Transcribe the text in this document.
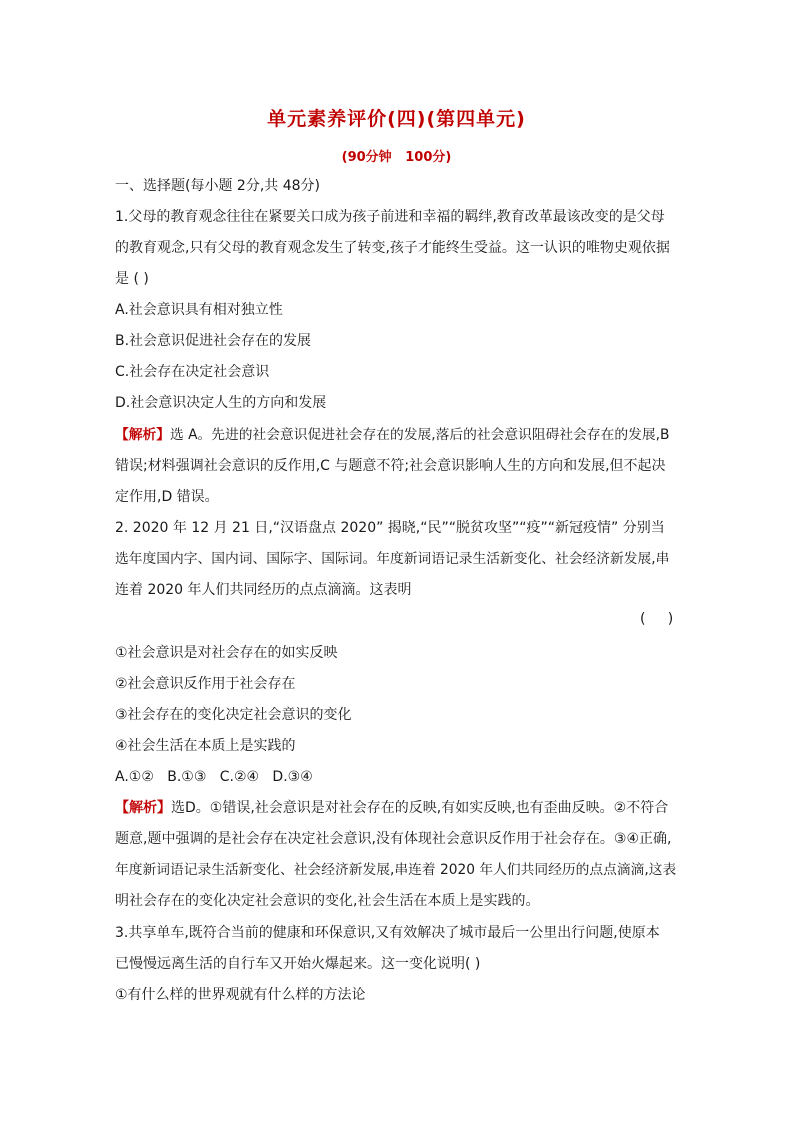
单元素养评价(四)(第四单元)
(90分钟   100分)
一、选择题(每小题 2分,共 48分)
1.父母的教育观念往往在紧要关口成为孩子前进和幸福的羁绊,教育改革最该改变的是父母
的教育观念,只有父母的教育观念发生了转变,孩子才能终生受益。这一认识的唯物史观依据
是 ( )
A.社会意识具有相对独立性
B.社会意识促进社会存在的发展
C.社会存在决定社会意识
D.社会意识决定人生的方向和发展
【解析】选 A。先进的社会意识促进社会存在的发展,落后的社会意识阻碍社会存在的发展,B
错误;材料强调社会意识的反作用,C 与题意不符;社会意识影响人生的方向和发展,但不起决
定作用,D 错误。
2. 2020 年 12 月 21 日,“汉语盘点 2020” 揭晓,“民”“脱贫攻坚”“疫”“新冠疫情” 分别当
选年度国内字、国内词、国际字、国际词。年度新词语记录生活新变化、社会经济新发展,串
连着 2020 年人们共同经历的点点滴滴。这表明
(     )
①社会意识是对社会存在的如实反映
②社会意识反作用于社会存在
③社会存在的变化决定社会意识的变化
④社会生活在本质上是实践的
A.①②   B.①③   C.②④   D.③④
【解析】选D。①错误,社会意识是对社会存在的反映,有如实反映,也有歪曲反映。②不符合
题意,题中强调的是社会存在决定社会意识,没有体现社会意识反作用于社会存在。③④正确,
年度新词语记录生活新变化、社会经济新发展,串连着 2020 年人们共同经历的点点滴滴,这表
明社会存在的变化决定社会意识的变化,社会生活在本质上是实践的。
3.共享单车,既符合当前的健康和环保意识,又有效解决了城市最后一公里出行问题,使原本
已慢慢远离生活的自行车又开始火爆起来。这一变化说明( )
①有什么样的世界观就有什么样的方法论
